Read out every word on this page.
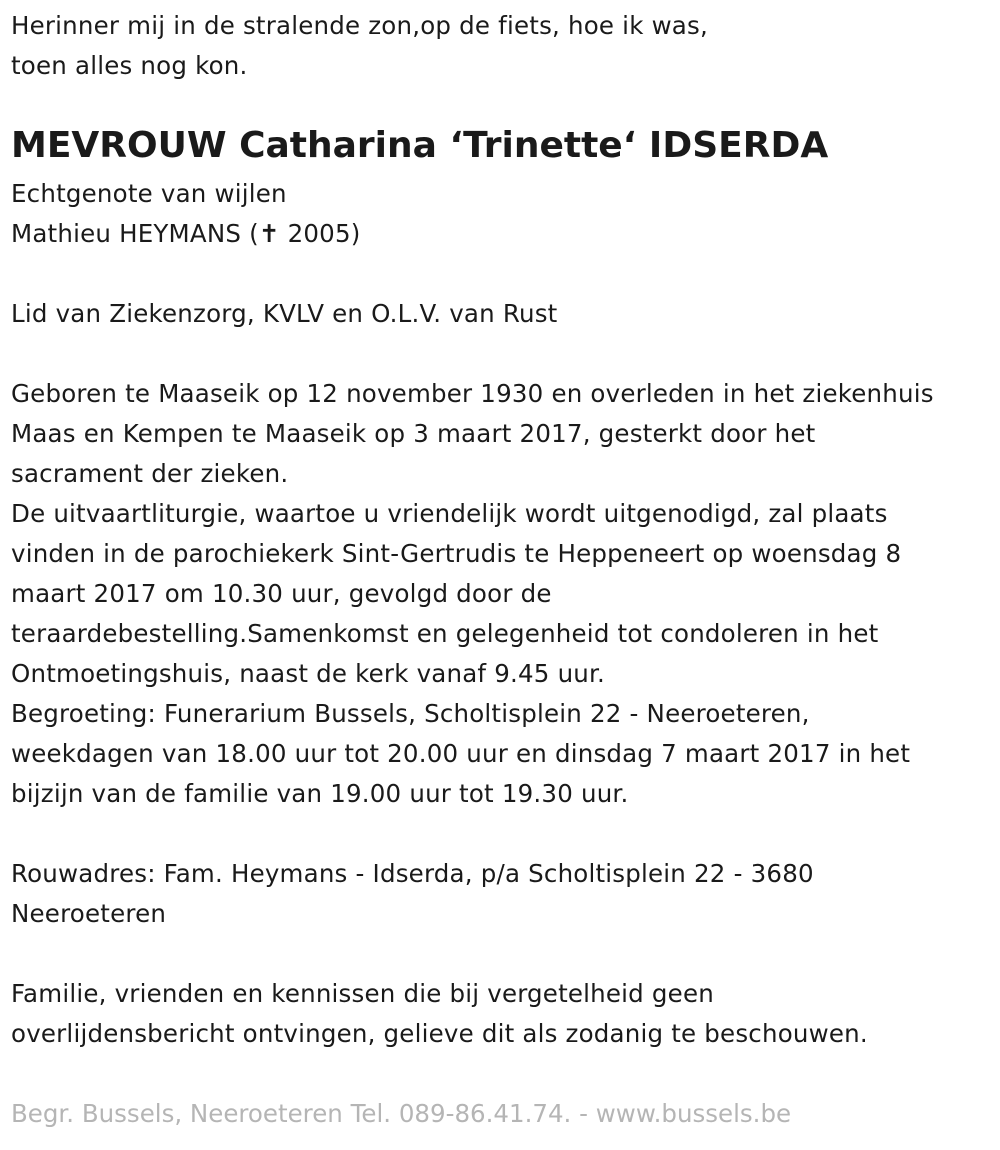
Herinner mij in de stralende zon,op de fiets, hoe ik was,
toen alles nog kon.
MEVROUW Catharina ‘Trinette‘ IDSERDA
Echtgenote van wijlen
Mathieu HEYMANS (✝ 2005)
Lid van Ziekenzorg, KVLV en O.L.V. van Rust
Geboren te Maaseik op 12 november 1930 en overleden in het ziekenhuis
Maas en Kempen te Maaseik op 3 maart 2017, gesterkt door het
sacrament der zieken.
De uitvaartliturgie, waartoe u vriendelijk wordt uitgenodigd, zal plaats
vinden in de parochiekerk Sint-Gertrudis te Heppeneert op woensdag 8
maart 2017 om 10.30 uur, gevolgd door de
teraardebestelling.Samenkomst en gelegenheid tot condoleren in het
Ontmoetingshuis, naast de kerk vanaf 9.45 uur.
Begroeting: Funerarium Bussels, Scholtisplein 22 - Neeroeteren,
weekdagen van 18.00 uur tot 20.00 uur en dinsdag 7 maart 2017 in het
bijzijn van de familie van 19.00 uur tot 19.30 uur.
Rouwadres: Fam. Heymans - Idserda, p/a Scholtisplein 22 - 3680
Neeroeteren
Familie, vrienden en kennissen die bij vergetelheid geen
overlijdensbericht ontvingen, gelieve dit als zodanig te beschouwen.
Begr. Bussels, Neeroeteren Tel. 089-86.41.74. - www.bussels.be
